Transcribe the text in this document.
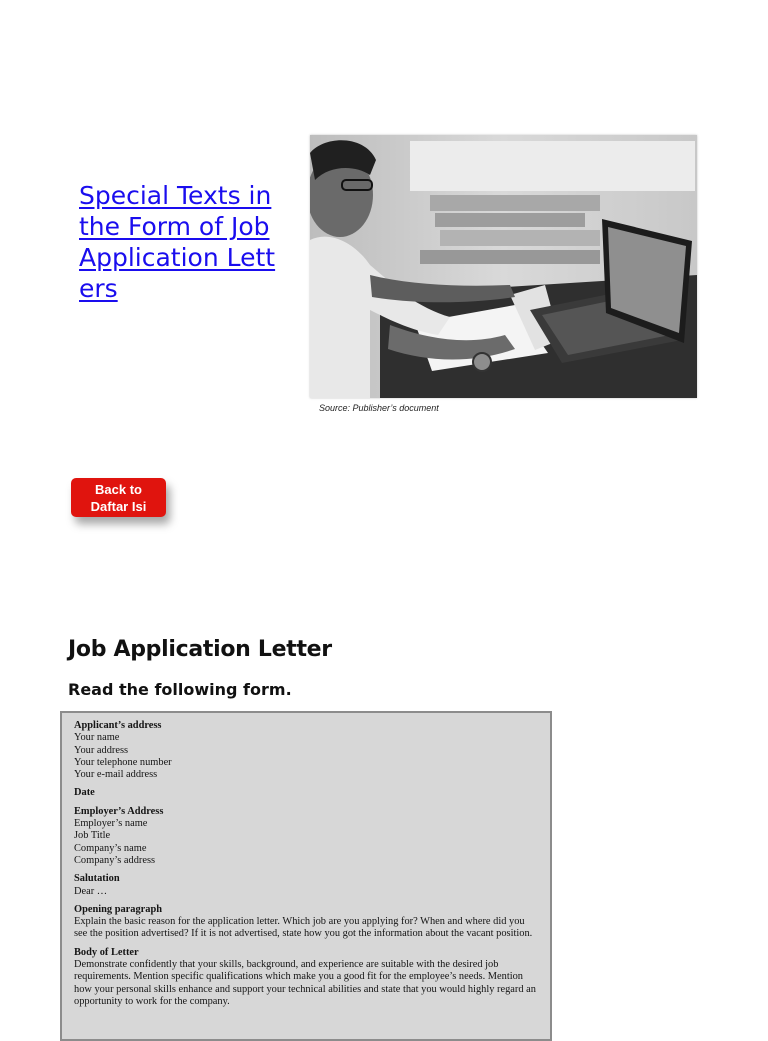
Special Texts in the Form of Job Application Letters
Source: Publisher’s document
Back to
Daftar Isi
Job Application Letter

Read the following form.

Applicant’s address
Your name
Your address
Your telephone number
Your e-mail address
Date
Employer’s Address
Employer’s name
Job Title
Company’s name
Company’s address
Salutation
Dear …
Opening paragraph
Explain the basic reason for the application letter. Which job are you applying for? When and where did you see the position advertised? If it is not advertised, state how you got the information about the vacant position.
Body of Letter
Demonstrate confidently that your skills, background, and experience are suitable with the desired job requirements. Mention specific qualifications which make you a good fit for the employee’s needs. Mention how your personal skills enhance and support your technical abilities and state that you would highly regard an opportunity to work for the company.
